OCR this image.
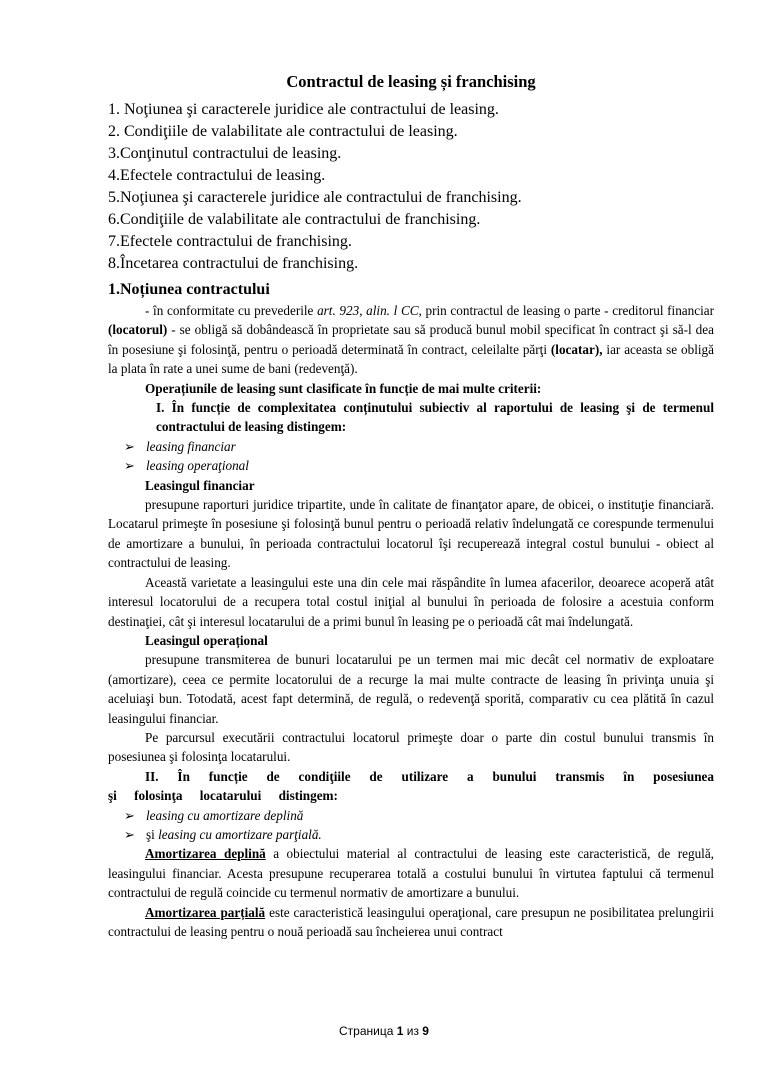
Contractul de leasing și franchising
1. Noţiunea şi caracterele juridice ale contractului de leasing.
2. Condiţiile de valabilitate ale contractului de leasing.
3.Conţinutul contractului de leasing.
4.Efectele contractului de leasing.
5.Noţiunea şi caracterele juridice ale contractului de franchising.
6.Condiţiile de valabilitate ale contractului de franchising.
7.Efectele contractului de franchising.
8.Încetarea contractului de franchising.
1.Noțiunea contractului

- în conformitate cu prevederile art. 923, alin. l CC, prin contractul de leasing o parte - creditorul financiar (locatorul) - se obligă să dobândească în proprietate sau să producă bunul mobil specificat în contract şi să-l dea în posesiune şi folosinţă, pentru o perioadă determinată în contract, celeilalte părţi (locatar), iar aceasta se obligă la plata în rate a unei sume de bani (redevenţă).

Operațiunile de leasing sunt clasificate în funcție de mai multe criterii:
I. În funcție de complexitatea conținutului subiectiv al raportului de leasing şi de termenul contractului de leasing distingem:
➢ leasing financiar
➢ leasing operaţional
Leasingul financiar

presupune raporturi juridice tripartite, unde în calitate de finanţator apare, de obicei, o instituţie financiară. Locatarul primeşte în posesiune şi folosinţă bunul pentru o perioadă relativ îndelungată ce corespunde termenului de amortizare a bunului, în perioada contractului locatorul îşi recuperează integral costul bunului - obiect al contractului de leasing.

Această varietate a leasingului este una din cele mai răspândite în lumea afacerilor, deoarece acoperă atât interesul locatorului de a recupera total costul iniţial al bunului în perioada de folosire a acestuia conform destinaţiei, cât şi interesul locatarului de a primi bunul în leasing pe o perioadă cât mai îndelungată.

Leasingul operațional

presupune transmiterea de bunuri locatarului pe un termen mai mic decât cel normativ de exploatare (amortizare), ceea ce permite locatorului de a recurge la mai multe contracte de leasing în privinţa unuia şi aceluiaşi bun. Totodată, acest fapt determină, de regulă, o redevenţă sporită, comparativ cu cea plătită în cazul leasingului financiar.

Pe parcursul executării contractului locatorul primeşte doar o parte din costul bunului transmis în posesiunea şi folosinţa locatarului.

II. În funcție de condiţiile de utilizare a bunului transmis în posesiunea şi folosinţa locatarului distingem:

➢ leasing cu amortizare deplină
➢ şi leasing cu amortizare parţială.

Amortizarea deplină a obiectului material al contractului de leasing este caracteristică, de regulă, leasingului financiar. Acesta presupune recuperarea totală a costului bunului în virtutea faptului că termenul contractului de regulă coincide cu termenul normativ de amortizare a bunului.

Amortizarea parțială este caracteristică leasingului operaţional, care presupun ne posibilitatea prelungirii contractului de leasing pentru o nouă perioadă sau încheierea unui contract

Страница 1 из 9
